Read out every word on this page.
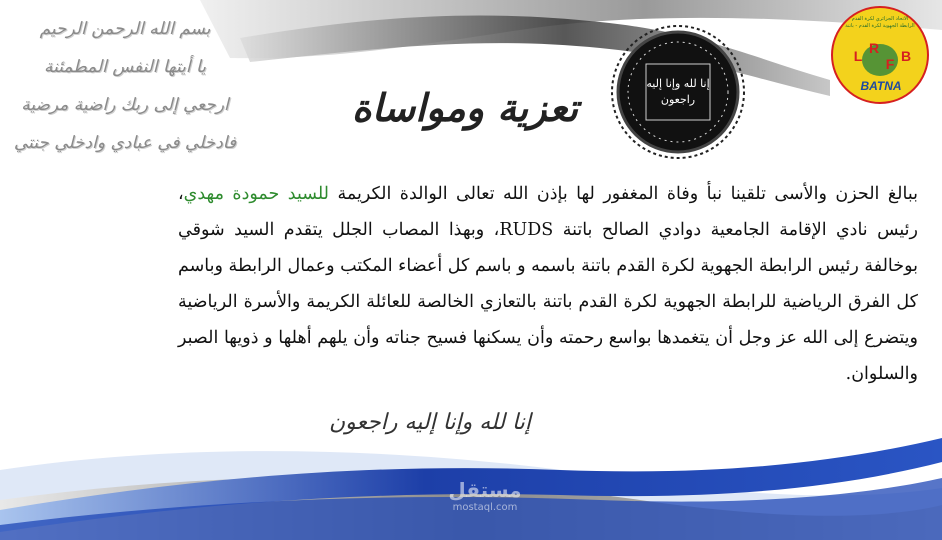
بسم الله الرحمن الرحيم
يا أيتها النفس المطمئنة
ارجعي إلى ربك راضية مرضية
فادخلي في عبادي وادخلي جنتي
تعزية ومواساة
إنا لله وإنا إليه
راجعون
L R
F B
الاتحاد الجزائري لكرة القدم
الرابطة الجهوية لكرة القدم - باتنة
BATNA
ببالغ الحزن والأسى تلقينا نبأ وفاة المغفور لها بإذن الله تعالى الوالدة الكريمة للسيد حمودة مهدي، رئيس نادي الإقامة الجامعية دوادي الصالح باتنة RUDS، وبهذا المصاب الجلل يتقدم السيد شوقي بوخالفة رئيس الرابطة الجهوية لكرة القدم باتنة باسمه و باسم كل أعضاء المكتب وعمال الرابطة وباسم كل الفرق الرياضية للرابطة الجهوية لكرة القدم باتنة بالتعازي الخالصة للعائلة الكريمة والأسرة الرياضية ويتضرع إلى الله عز وجل أن يتغمدها بواسع رحمته وأن يسكنها فسيح جناته وأن يلهم أهلها و ذويها الصبر والسلوان.
إنا لله وإنا إليه راجعون
مستقل
mostaql.com
